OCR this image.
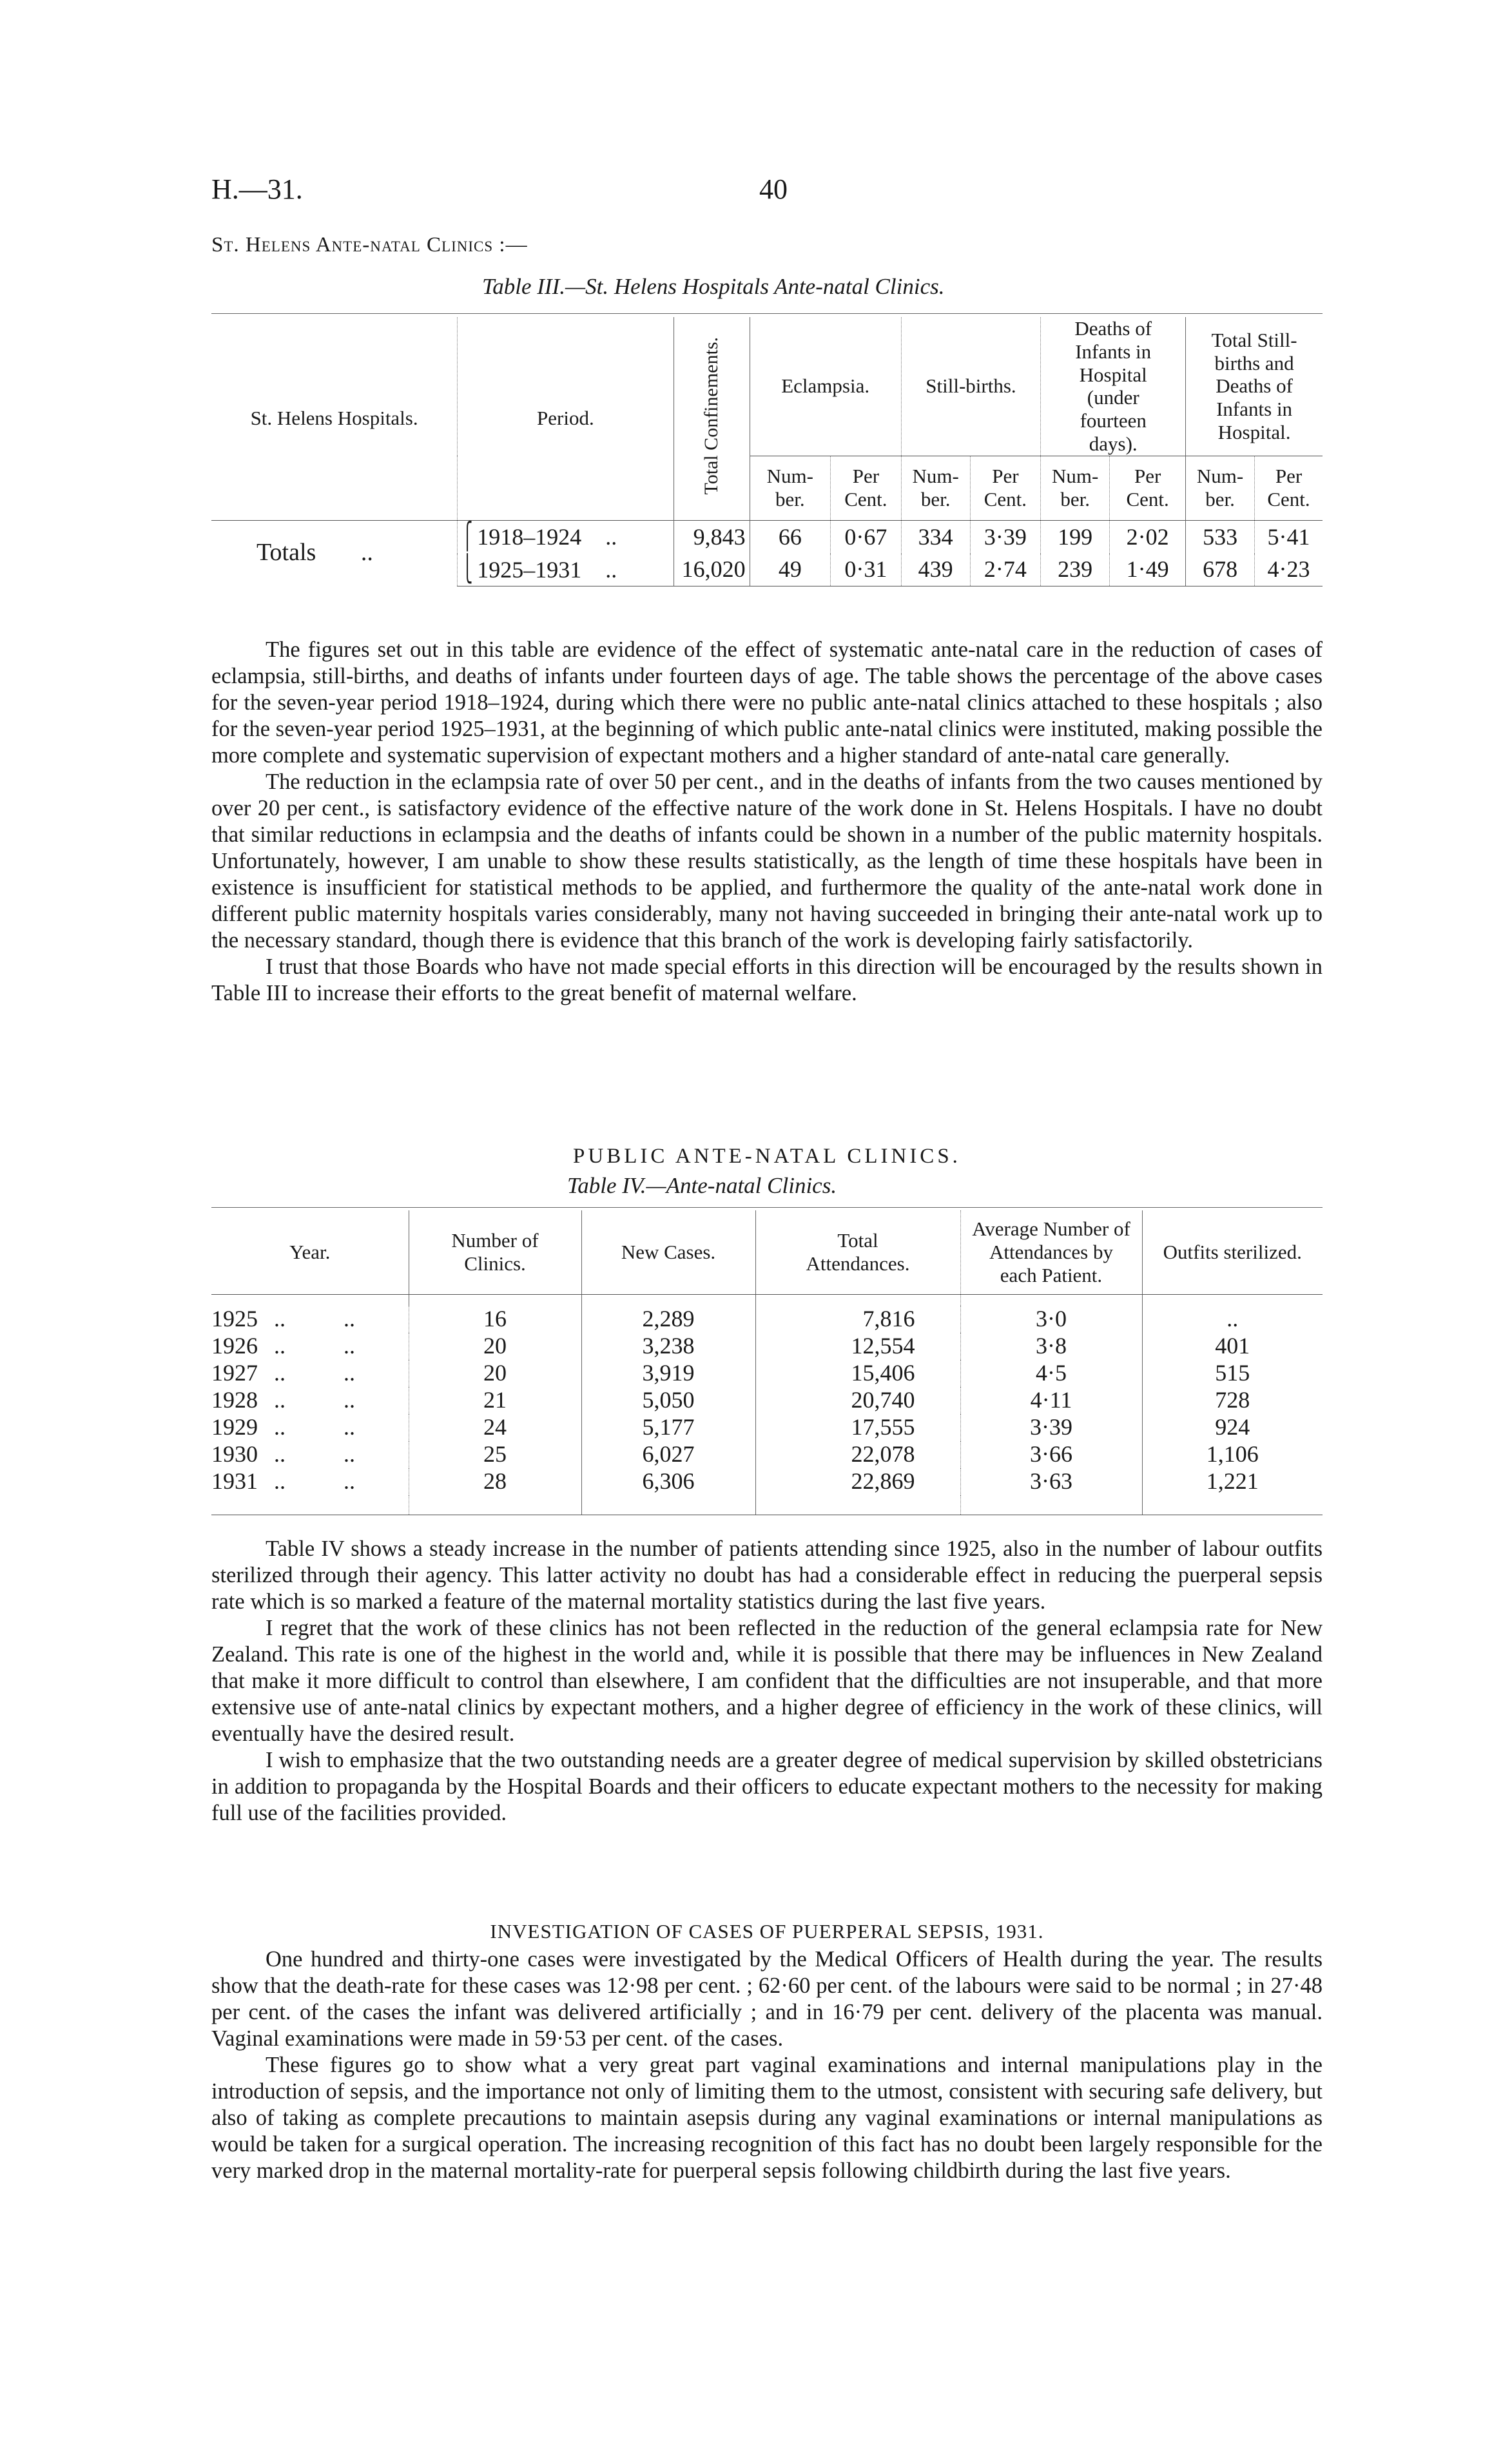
H.—31.	40
St. Helens Ante-natal Clinics :—
Table III.—St. Helens Hospitals Ante-natal Clinics.
St. Helens Hospitals.	Period.	Total Confinements.	Eclampsia.		Still-births.		Deaths of Infants in Hospital (under fourteen days).		Total Still-births and Deaths of Infants in Hospital.	
			Num- ber.	Per Cent.	Num- ber.	Per Cent.	Num- ber.	Per Cent.	Num- ber.	Per Cent.
Totals ..	⎧ 1918–1924 ..	9,843	66	0·67	334	3·39	199	2·02	533	5·41
	⎩ 1925–1931 ..	16,020	49	0·31	439	2·74	239	1·49	678	4·23

The figures set out in this table are evidence of the effect of systematic ante-natal care in the reduction of cases of eclampsia, still-births, and deaths of infants under fourteen days of age. The table shows the percentage of the above cases for the seven-year period 1918–1924, during which there were no public ante-natal clinics attached to these hospitals ; also for the seven-year period 1925–1931, at the beginning of which public ante-natal clinics were instituted, making possible the more complete and systematic supervision of expectant mothers and a higher standard of ante-natal care generally.

The reduction in the eclampsia rate of over 50 per cent., and in the deaths of infants from the two causes mentioned by over 20 per cent., is satisfactory evidence of the effective nature of the work done in St. Helens Hospitals. I have no doubt that similar reductions in eclampsia and the deaths of infants could be shown in a number of the public maternity hospitals. Unfortunately, however, I am unable to show these results statistically, as the length of time these hospitals have been in existence is insufficient for statistical methods to be applied, and furthermore the quality of the ante-natal work done in different public maternity hospitals varies considerably, many not having succeeded in bringing their ante-natal work up to the necessary standard, though there is evidence that this branch of the work is developing fairly satisfactorily.

I trust that those Boards who have not made special efforts in this direction will be encouraged by the results shown in Table III to increase their efforts to the great benefit of maternal welfare.

PUBLIC ANTE-NATAL CLINICS.
Table IV.—Ante-natal Clinics.
Year.	Number of Clinics.	New Cases.	Total Attendances.	Average Number of Attendances by each Patient.	Outfits sterilized.

1925 ..          ..	16	2,289	7,816	3·0	..
1926 ..          ..	20	3,238	12,554	3·8	401
1927 ..          ..	20	3,919	15,406	4·5	515
1928 ..          ..	21	5,050	20,740	4·11	728
1929 ..          ..	24	5,177	17,555	3·39	924
1930 ..          ..	25	6,027	22,078	3·66	1,106
1931 ..          ..	28	6,306	22,869	3·63	1,221

Table IV shows a steady increase in the number of patients attending since 1925, also in the number of labour outfits sterilized through their agency. This latter activity no doubt has had a considerable effect in reducing the puerperal sepsis rate which is so marked a feature of the maternal mortality statistics during the last five years.

I regret that the work of these clinics has not been reflected in the reduction of the general eclampsia rate for New Zealand. This rate is one of the highest in the world and, while it is possible that there may be influences in New Zealand that make it more difficult to control than elsewhere, I am confident that the difficulties are not insuperable, and that more extensive use of ante-natal clinics by expectant mothers, and a higher degree of efficiency in the work of these clinics, will eventually have the desired result.

I wish to emphasize that the two outstanding needs are a greater degree of medical supervision by skilled obstetricians in addition to propaganda by the Hospital Boards and their officers to educate expectant mothers to the necessity for making full use of the facilities provided.

INVESTIGATION OF CASES OF PUERPERAL SEPSIS, 1931.

One hundred and thirty-one cases were investigated by the Medical Officers of Health during the year. The results show that the death-rate for these cases was 12·98 per cent. ; 62·60 per cent. of the labours were said to be normal ; in 27·48 per cent. of the cases the infant was delivered artificially ; and in 16·79 per cent. delivery of the placenta was manual. Vaginal examinations were made in 59·53 per cent. of the cases.

These figures go to show what a very great part vaginal examinations and internal manipulations play in the introduction of sepsis, and the importance not only of limiting them to the utmost, consistent with securing safe delivery, but also of taking as complete precautions to maintain asepsis during any vaginal examinations or internal manipulations as would be taken for a surgical operation. The increasing recognition of this fact has no doubt been largely responsible for the very marked drop in the maternal mortality-rate for puerperal sepsis following childbirth during the last five years.
